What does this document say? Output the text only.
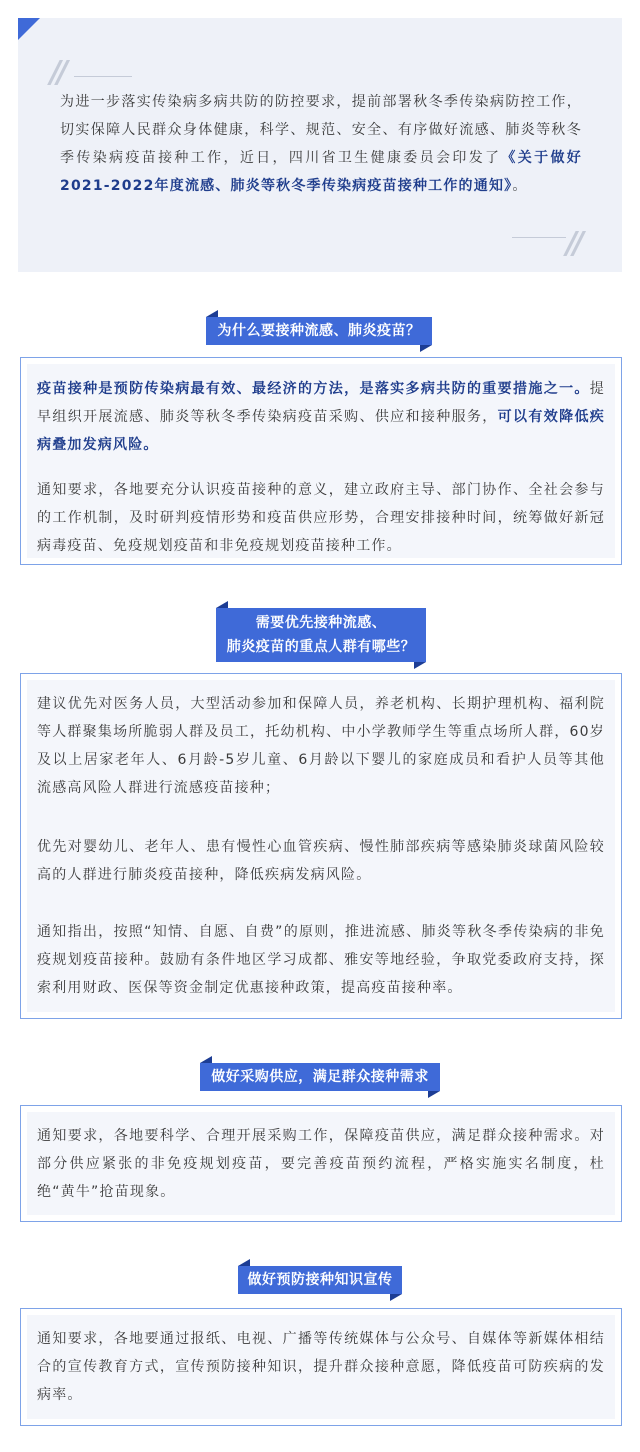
//

为进一步落实传染病多病共防的防控要求，提前部署秋冬季传染病防控工作，切实保障人民群众身体健康，科学、规范、安全、有序做好流感、肺炎等秋冬季传染病疫苗接种工作，近日，四川省卫生健康委员会印发了《关于做好2021-2022年度流感、肺炎等秋冬季传染病疫苗接种工作的通知》。

//
为什么要接种流感、肺炎疫苗？

疫苗接种是预防传染病最有效、最经济的方法，是落实多病共防的重要措施之一。提早组织开展流感、肺炎等秋冬季传染病疫苗采购、供应和接种服务，可以有效降低疾病叠加发病风险。

通知要求，各地要充分认识疫苗接种的意义，建立政府主导、部门协作、全社会参与的工作机制，及时研判疫情形势和疫苗供应形势，合理安排接种时间，统筹做好新冠病毒疫苗、免疫规划疫苗和非免疫规划疫苗接种工作。

需要优先接种流感、
肺炎疫苗的重点人群有哪些？

建议优先对医务人员，大型活动参加和保障人员，养老机构、长期护理机构、福利院等人群聚集场所脆弱人群及员工，托幼机构、中小学教师学生等重点场所人群，60岁及以上居家老年人、6月龄-5岁儿童、6月龄以下婴儿的家庭成员和看护人员等其他流感高风险人群进行流感疫苗接种；

优先对婴幼儿、老年人、患有慢性心血管疾病、慢性肺部疾病等感染肺炎球菌风险较高的人群进行肺炎疫苗接种，降低疾病发病风险。

通知指出，按照“知情、自愿、自费”的原则，推进流感、肺炎等秋冬季传染病的非免疫规划疫苗接种。鼓励有条件地区学习成都、雅安等地经验，争取党委政府支持，探索利用财政、医保等资金制定优惠接种政策，提高疫苗接种率。

做好采购供应，满足群众接种需求

通知要求，各地要科学、合理开展采购工作，保障疫苗供应，满足群众接种需求。对部分供应紧张的非免疫规划疫苗，要完善疫苗预约流程，严格实施实名制度，杜绝“黄牛”抢苗现象。

做好预防接种知识宣传

通知要求，各地要通过报纸、电视、广播等传统媒体与公众号、自媒体等新媒体相结合的宣传教育方式，宣传预防接种知识，提升群众接种意愿，降低疫苗可防疾病的发病率。
